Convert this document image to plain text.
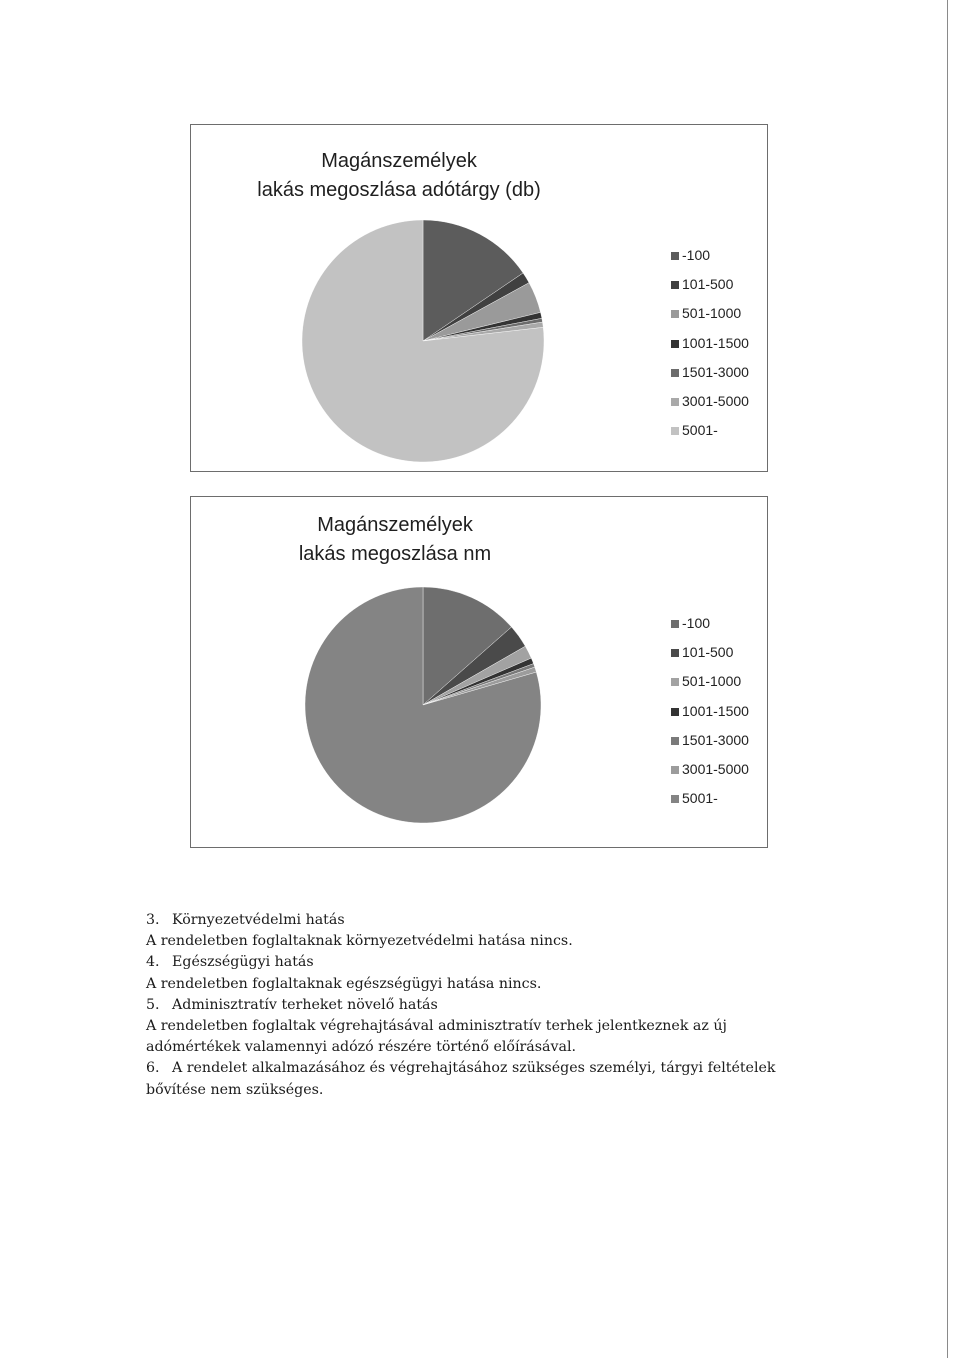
Magánszemélyek
lakás megoszlása adótárgy (db)
-100
101-500
501-1000
1001-1500
1501-3000
3001-5000
5001-
Magánszemélyek
lakás megoszlása nm
-100
101-500
501-1000
1001-1500
1501-3000
3001-5000
5001-

3. Környezetvédelmi hatás

A rendeletben foglaltaknak környezetvédelmi hatása nincs.

4. Egészségügyi hatás

A rendeletben foglaltaknak egészségügyi hatása nincs.

5. Adminisztratív terheket növelő hatás

A rendeletben foglaltak végrehajtásával adminisztratív terhek jelentkeznek az új

adómértékek valamennyi adózó részére történő előírásával.

6. A rendelet alkalmazásához és végrehajtásához szükséges személyi, tárgyi feltételek

bővítése nem szükséges.
